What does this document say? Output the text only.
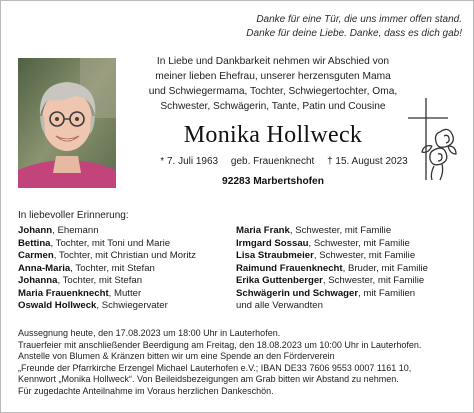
Danke für eine Tür, die uns immer offen stand.
Danke für deine Liebe. Danke, dass es dich gab!
In Liebe und Dankbarkeit nehmen wir Abschied von
meiner lieben Ehefrau, unserer herzensguten Mama
und Schwiegermama, Tochter, Schwiegertochter, Oma,
Schwester, Schwägerin, Tante, Patin und Cousine
Monika Hollweck
* 7. Juli 1963 geb. Frauenknecht † 15. August 2023
92283 Marbertshofen
In liebevoller Erinnerung:
Johann, Ehemann
Bettina, Tochter, mit Toni und Marie
Carmen, Tochter, mit Christian und Moritz
Anna-Maria, Tochter, mit Stefan
Johanna, Tochter, mit Stefan
Maria Frauenknecht, Mutter
Oswald Hollweck, Schwiegervater
Maria Frank, Schwester, mit Familie
Irmgard Sossau, Schwester, mit Familie
Lisa Straubmeier, Schwester, mit Familie
Raimund Frauenknecht, Bruder, mit Familie
Erika Guttenberger, Schwester, mit Familie
Schwägerin und Schwager, mit Familien
und alle Verwandten
Aussegnung heute, den 17.08.2023 um 18:00 Uhr in Lauterhofen.
Trauerfeier mit anschließender Beerdigung am Freitag, den 18.08.2023 um 10:00 Uhr in Lauterhofen.
Anstelle von Blumen & Kränzen bitten wir um eine Spende an den Förderverein
„Freunde der Pfarrkirche Erzengel Michael Lauterhofen e.V.; IBAN DE33 7606 9553 0007 1161 10,
Kennwort „Monika Hollweck“. Von Beileidsbezeigungen am Grab bitten wir Abstand zu nehmen.
Für zugedachte Anteilnahme im Voraus herzlichen Dankeschön.
